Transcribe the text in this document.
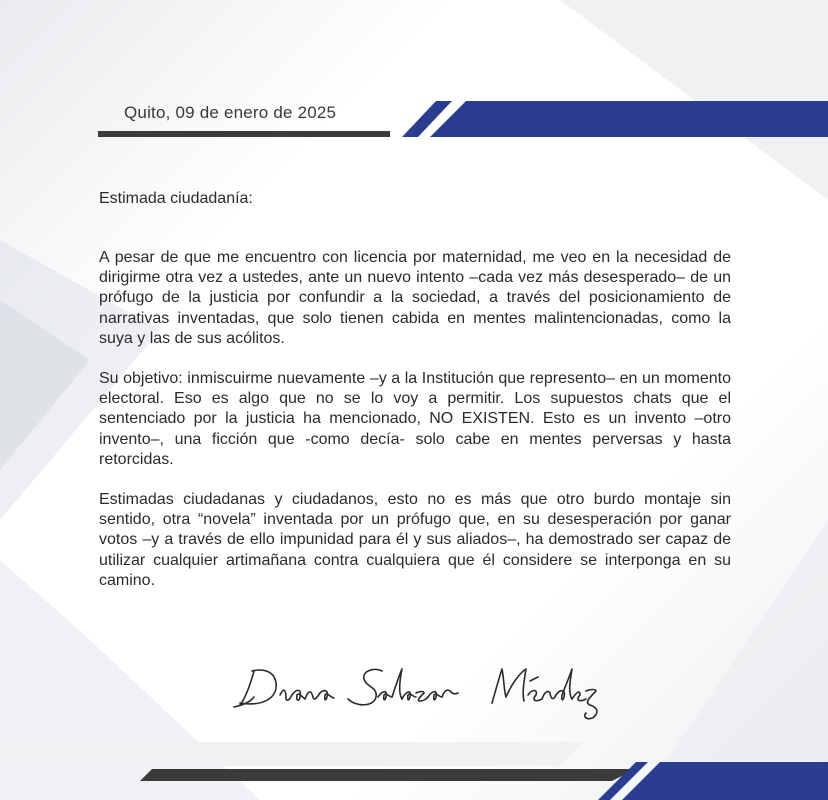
Quito, 09 de enero de 2025
Estimada ciudadanía:

A pesar de que me encuentro con licencia por maternidad, me veo en la necesidad de dirigirme otra vez a ustedes, ante un nuevo intento –cada vez más desesperado– de un prófugo de la justicia por confundir a la sociedad, a través del posicionamiento de narrativas inventadas, que solo tienen cabida en mentes malintencionadas, como la suya y las de sus acólitos.

Su objetivo: inmiscuirme nuevamente –y a la Institución que represento– en un momento electoral. Eso es algo que no se lo voy a permitir. Los supuestos chats que el sentenciado por la justicia ha mencionado, NO EXISTEN. Esto es un invento –otro invento–, una ficción que -como decía- solo cabe en mentes perversas y hasta retorcidas.

Estimadas ciudadanas y ciudadanos, esto no es más que otro burdo montaje sin sentido, otra “novela” inventada por un prófugo que, en su desesperación por ganar votos –y a través de ello impunidad para él y sus aliados–, ha demostrado ser capaz de utilizar cualquier artimañana contra cualquiera que él considere se interponga en su camino.
